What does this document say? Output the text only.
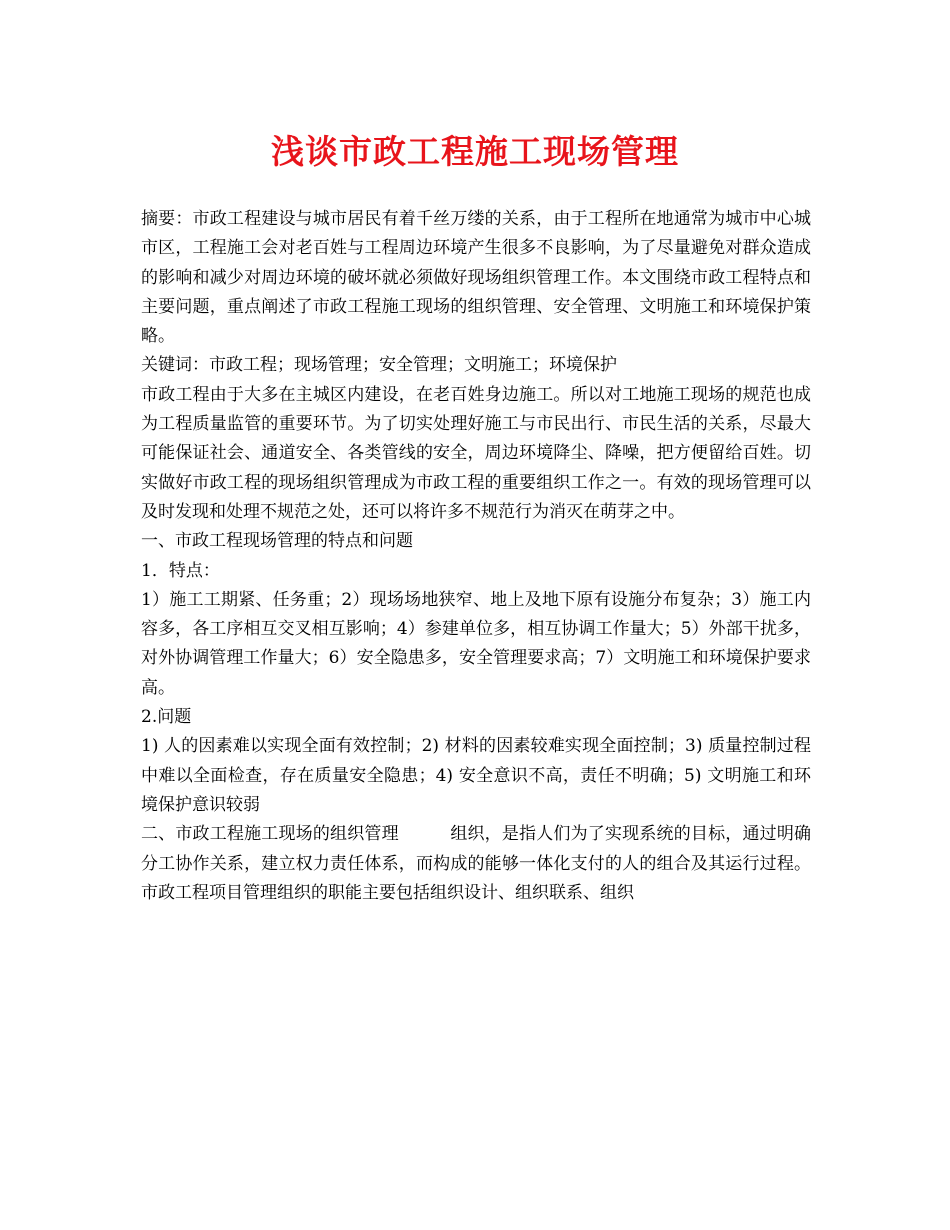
浅谈市政工程施工现场管理

摘要：市政工程建设与城市居民有着千丝万缕的关系，由于工程所在地通常为城市中心城市区，工程施工会对老百姓与工程周边环境产生很多不良影响，为了尽量避免对群众造成的影响和减少对周边环境的破坏就必须做好现场组织管理工作。本文围绕市政工程特点和主要问题，重点阐述了市政工程施工现场的组织管理、安全管理、文明施工和环境保护策略。

关键词：市政工程；现场管理；安全管理；文明施工；环境保护

市政工程由于大多在主城区内建设，在老百姓身边施工。所以对工地施工现场的规范也成为工程质量监管的重要环节。为了切实处理好施工与市民出行、市民生活的关系，尽最大可能保证社会、通道安全、各类管线的安全，周边环境降尘、降噪，把方便留给百姓。切实做好市政工程的现场组织管理成为市政工程的重要组织工作之一。有效的现场管理可以及时发现和处理不规范之处，还可以将许多不规范行为消灭在萌芽之中。

一、市政工程现场管理的特点和问题

1．特点：

1）施工工期紧、任务重；2）现场场地狭窄、地上及地下原有设施分布复杂；3）施工内容多，各工序相互交叉相互影响；4）参建单位多，相互协调工作量大；5）外部干扰多，对外协调管理工作量大；6）安全隐患多，安全管理要求高；7）文明施工和环境保护要求高。

2.问题

1) 人的因素难以实现全面有效控制；2) 材料的因素较难实现全面控制；3) 质量控制过程中难以全面检查，存在质量安全隐患；4) 安全意识不高，责任不明确；5) 文明施工和环境保护意识较弱

二、市政工程施工现场的组织管理　　　组织，是指人们为了实现系统的目标，通过明确分工协作关系，建立权力责任体系，而构成的能够一体化支付的人的组合及其运行过程。市政工程项目管理组织的职能主要包括组织设计、组织联系、组织
